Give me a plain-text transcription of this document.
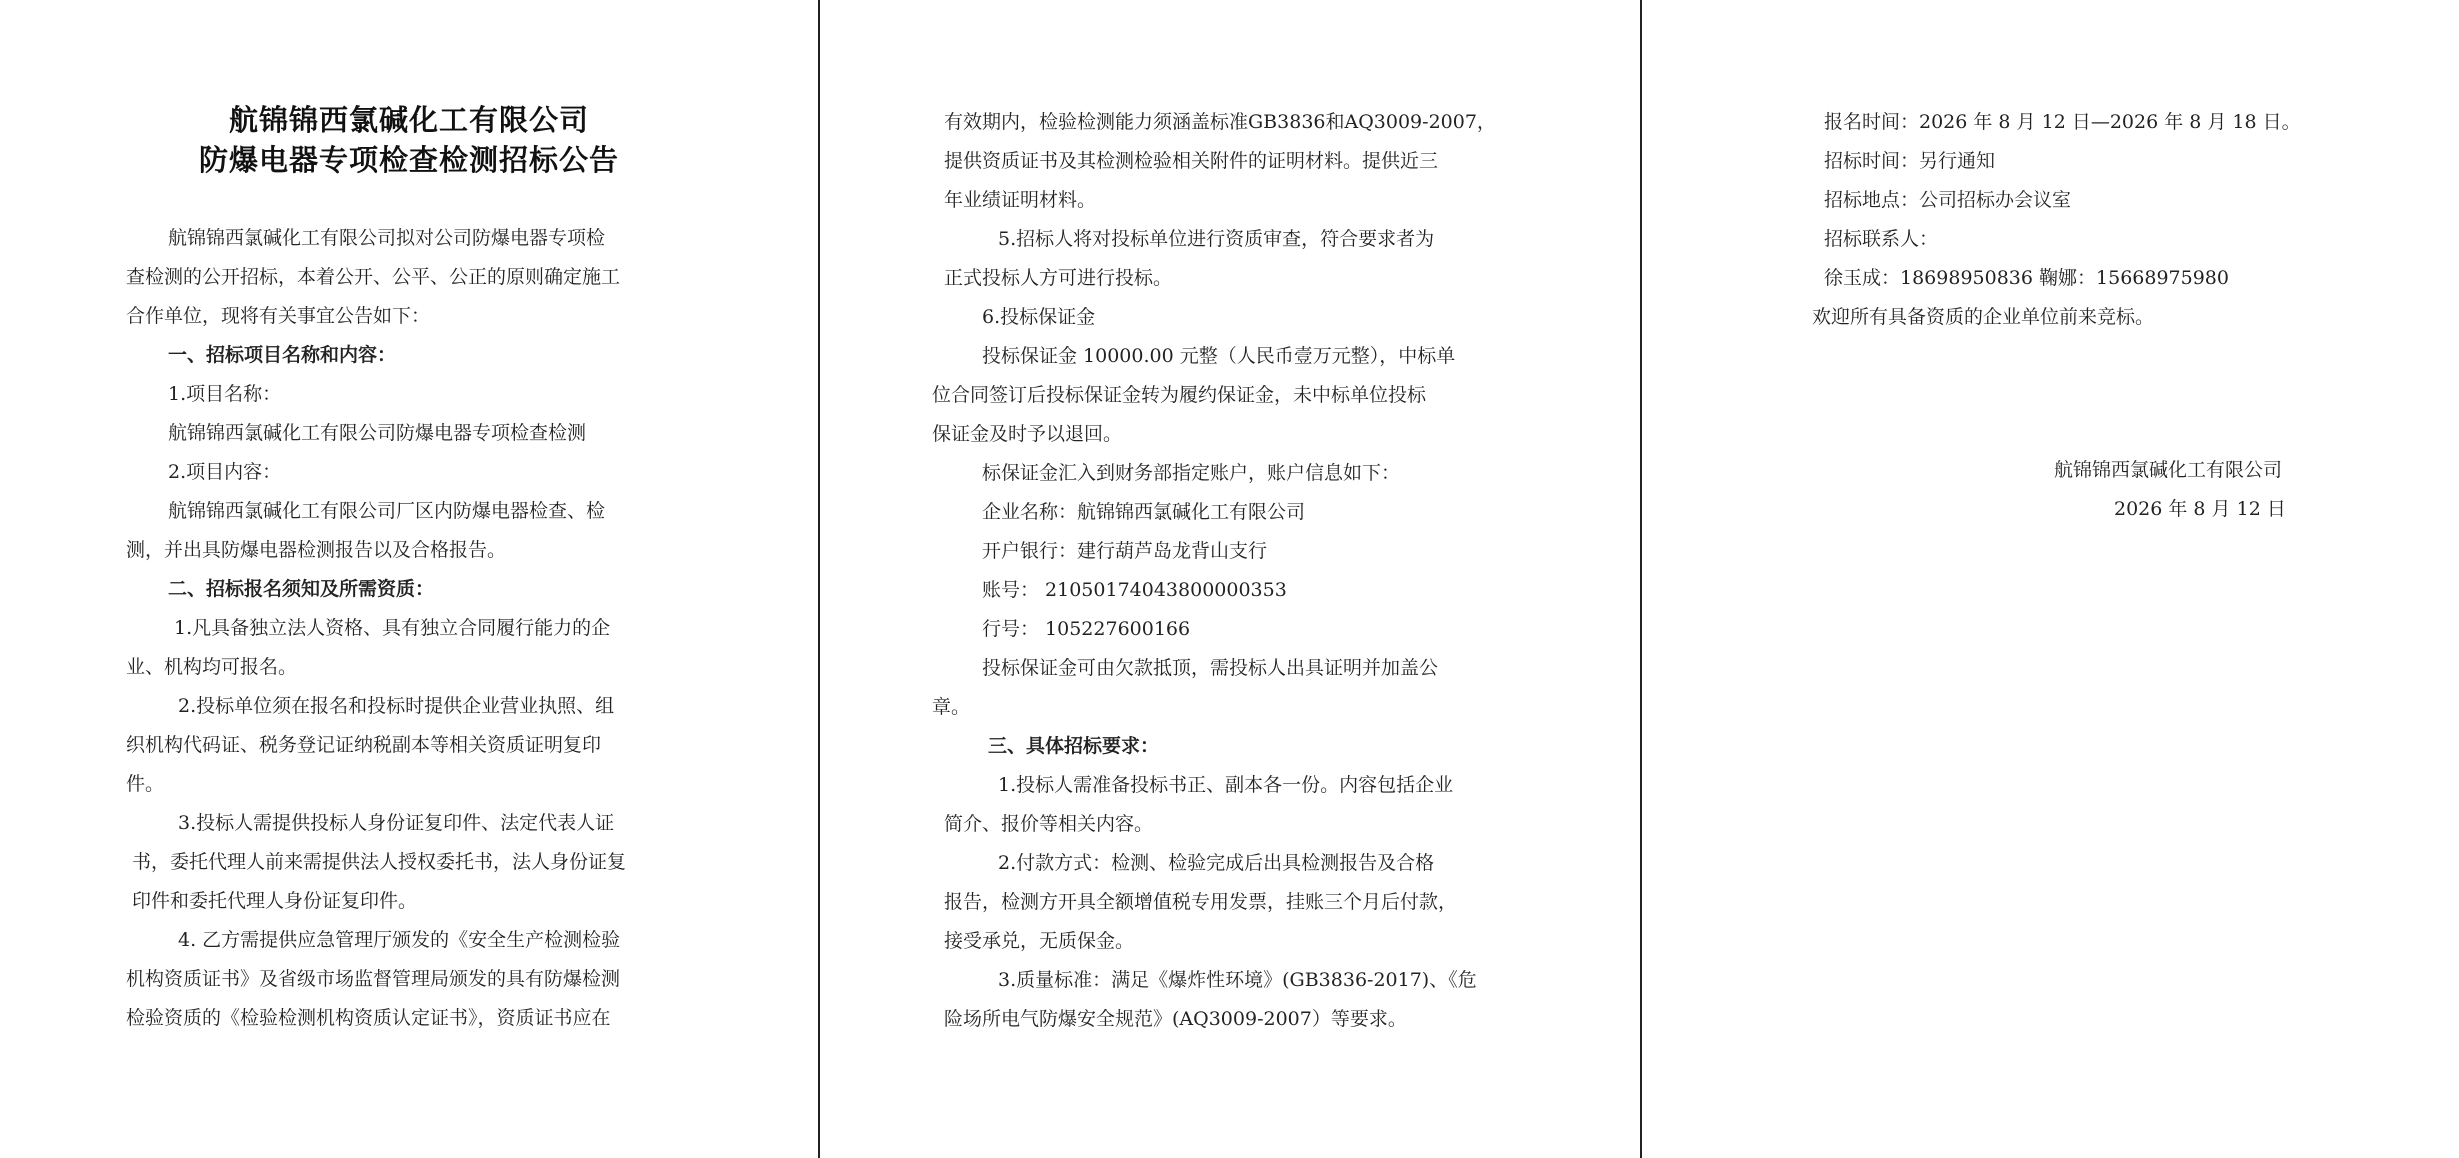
航锦锦西氯碱化工有限公司
防爆电器专项检查检测招标公告
航锦锦西氯碱化工有限公司拟对公司防爆电器专项检
查检测的公开招标，本着公开、公平、公正的原则确定施工
合作单位，现将有关事宜公告如下：
一、招标项目名称和内容：
1.项目名称：
航锦锦西氯碱化工有限公司防爆电器专项检查检测
2.项目内容：
航锦锦西氯碱化工有限公司厂区内防爆电器检查、检
测，并出具防爆电器检测报告以及合格报告。
二、招标报名须知及所需资质：
1.凡具备独立法人资格、具有独立合同履行能力的企
业、机构均可报名。
2.投标单位须在报名和投标时提供企业营业执照、组
织机构代码证、税务登记证纳税副本等相关资质证明复印
件。
3.投标人需提供投标人身份证复印件、法定代表人证
书，委托代理人前来需提供法人授权委托书，法人身份证复
印件和委托代理人身份证复印件。
4. 乙方需提供应急管理厅颁发的《安全生产检测检验
机构资质证书》及省级市场监督管理局颁发的具有防爆检测
检验资质的《检验检测机构资质认定证书》，资质证书应在
有效期内，检验检测能力须涵盖标准GB3836和AQ3009-2007，
提供资质证书及其检测检验相关附件的证明材料。提供近三
年业绩证明材料。
5.招标人将对投标单位进行资质审查，符合要求者为
正式投标人方可进行投标。
6.投标保证金
投标保证金 10000.00 元整（人民币壹万元整），中标单
位合同签订后投标保证金转为履约保证金，未中标单位投标
保证金及时予以退回。
标保证金汇入到财务部指定账户，账户信息如下：
企业名称：航锦锦西氯碱化工有限公司
开户银行：建行葫芦岛龙背山支行
账号： 21050174043800000353
行号： 105227600166
投标保证金可由欠款抵顶，需投标人出具证明并加盖公
章。
三、具体招标要求：
1.投标人需准备投标书正、副本各一份。内容包括企业
简介、报价等相关内容。
2.付款方式：检测、检验完成后出具检测报告及合格
报告，检测方开具全额增值税专用发票，挂账三个月后付款，
接受承兑，无质保金。
3.质量标准：满足《爆炸性环境》(GB3836-2017)、《危
险场所电气防爆安全规范》(AQ3009-2007）等要求。
报名时间：2026 年 8 月 12 日—2026 年 8 月 18 日。
招标时间：另行通知
招标地点：公司招标办会议室
招标联系人：
徐玉成：18698950836 鞠娜：15668975980
欢迎所有具备资质的企业单位前来竞标。
航锦锦西氯碱化工有限公司
2026 年 8 月 12 日
